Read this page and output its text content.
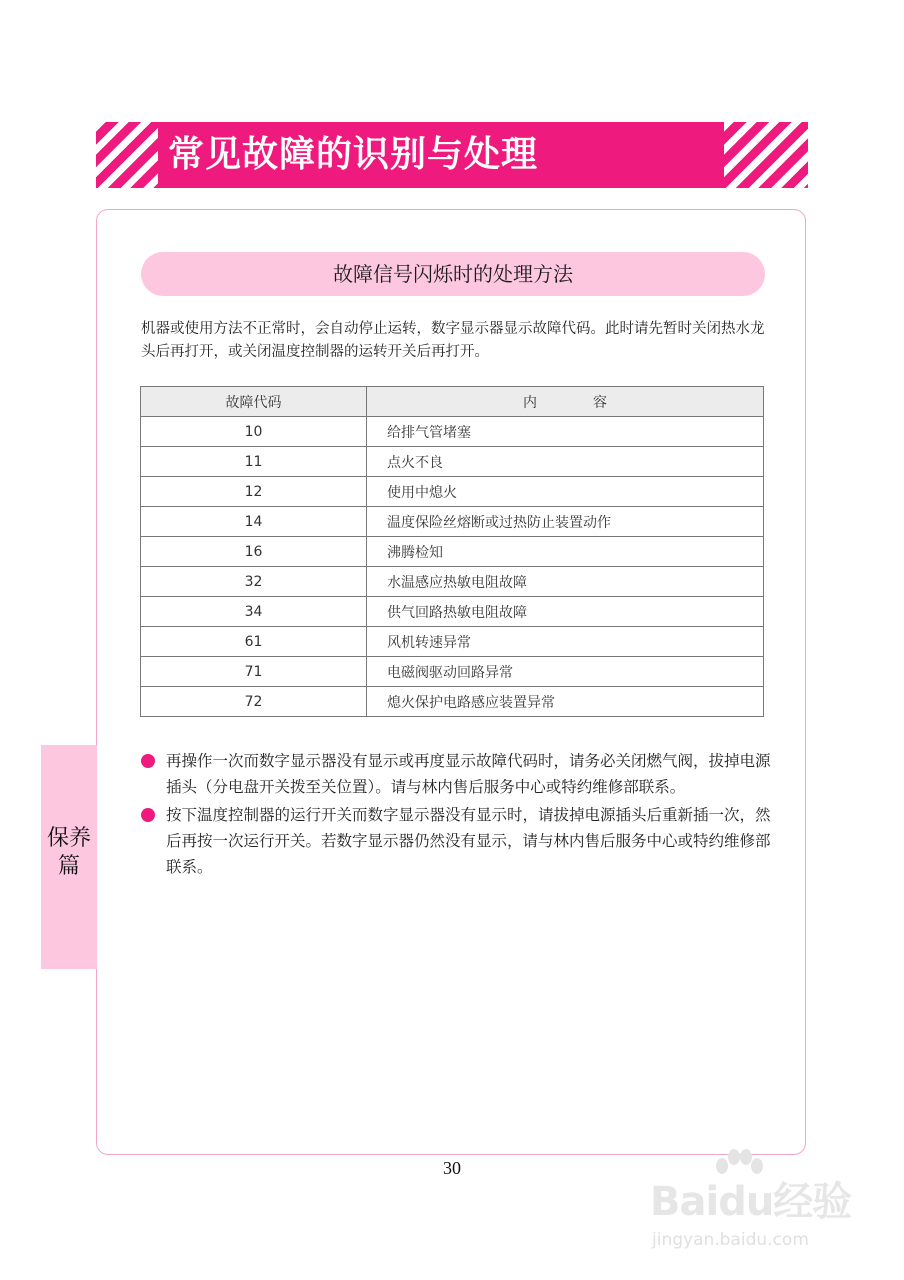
常见故障的识别与处理
故障信号闪烁时的处理方法
机器或使用方法不正常时，会自动停止运转，数字显示器显示故障代码。此时请先暂时关闭热水龙头后再打开，或关闭温度控制器的运转开关后再打开。
故障代码	内　　　　容
10	给排气管堵塞
11	点火不良
12	使用中熄火
14	温度保险丝熔断或过热防止装置动作
16	沸腾检知
32	水温感应热敏电阻故障
34	供气回路热敏电阻故障
61	风机转速异常
71	电磁阀驱动回路异常
72	熄火保护电路感应装置异常
再操作一次而数字显示器没有显示或再度显示故障代码时，请务必关闭燃气阀，拔掉电源插头（分电盘开关拨至关位置）。请与林内售后服务中心或特约维修部联系。
按下温度控制器的运行开关而数字显示器没有显示时，请拔掉电源插头后重新插一次，然后再按一次运行开关。若数字显示器仍然没有显示，请与林内售后服务中心或特约维修部联系。
保养篇
30
Baidu经验
jingyan.baidu.com
